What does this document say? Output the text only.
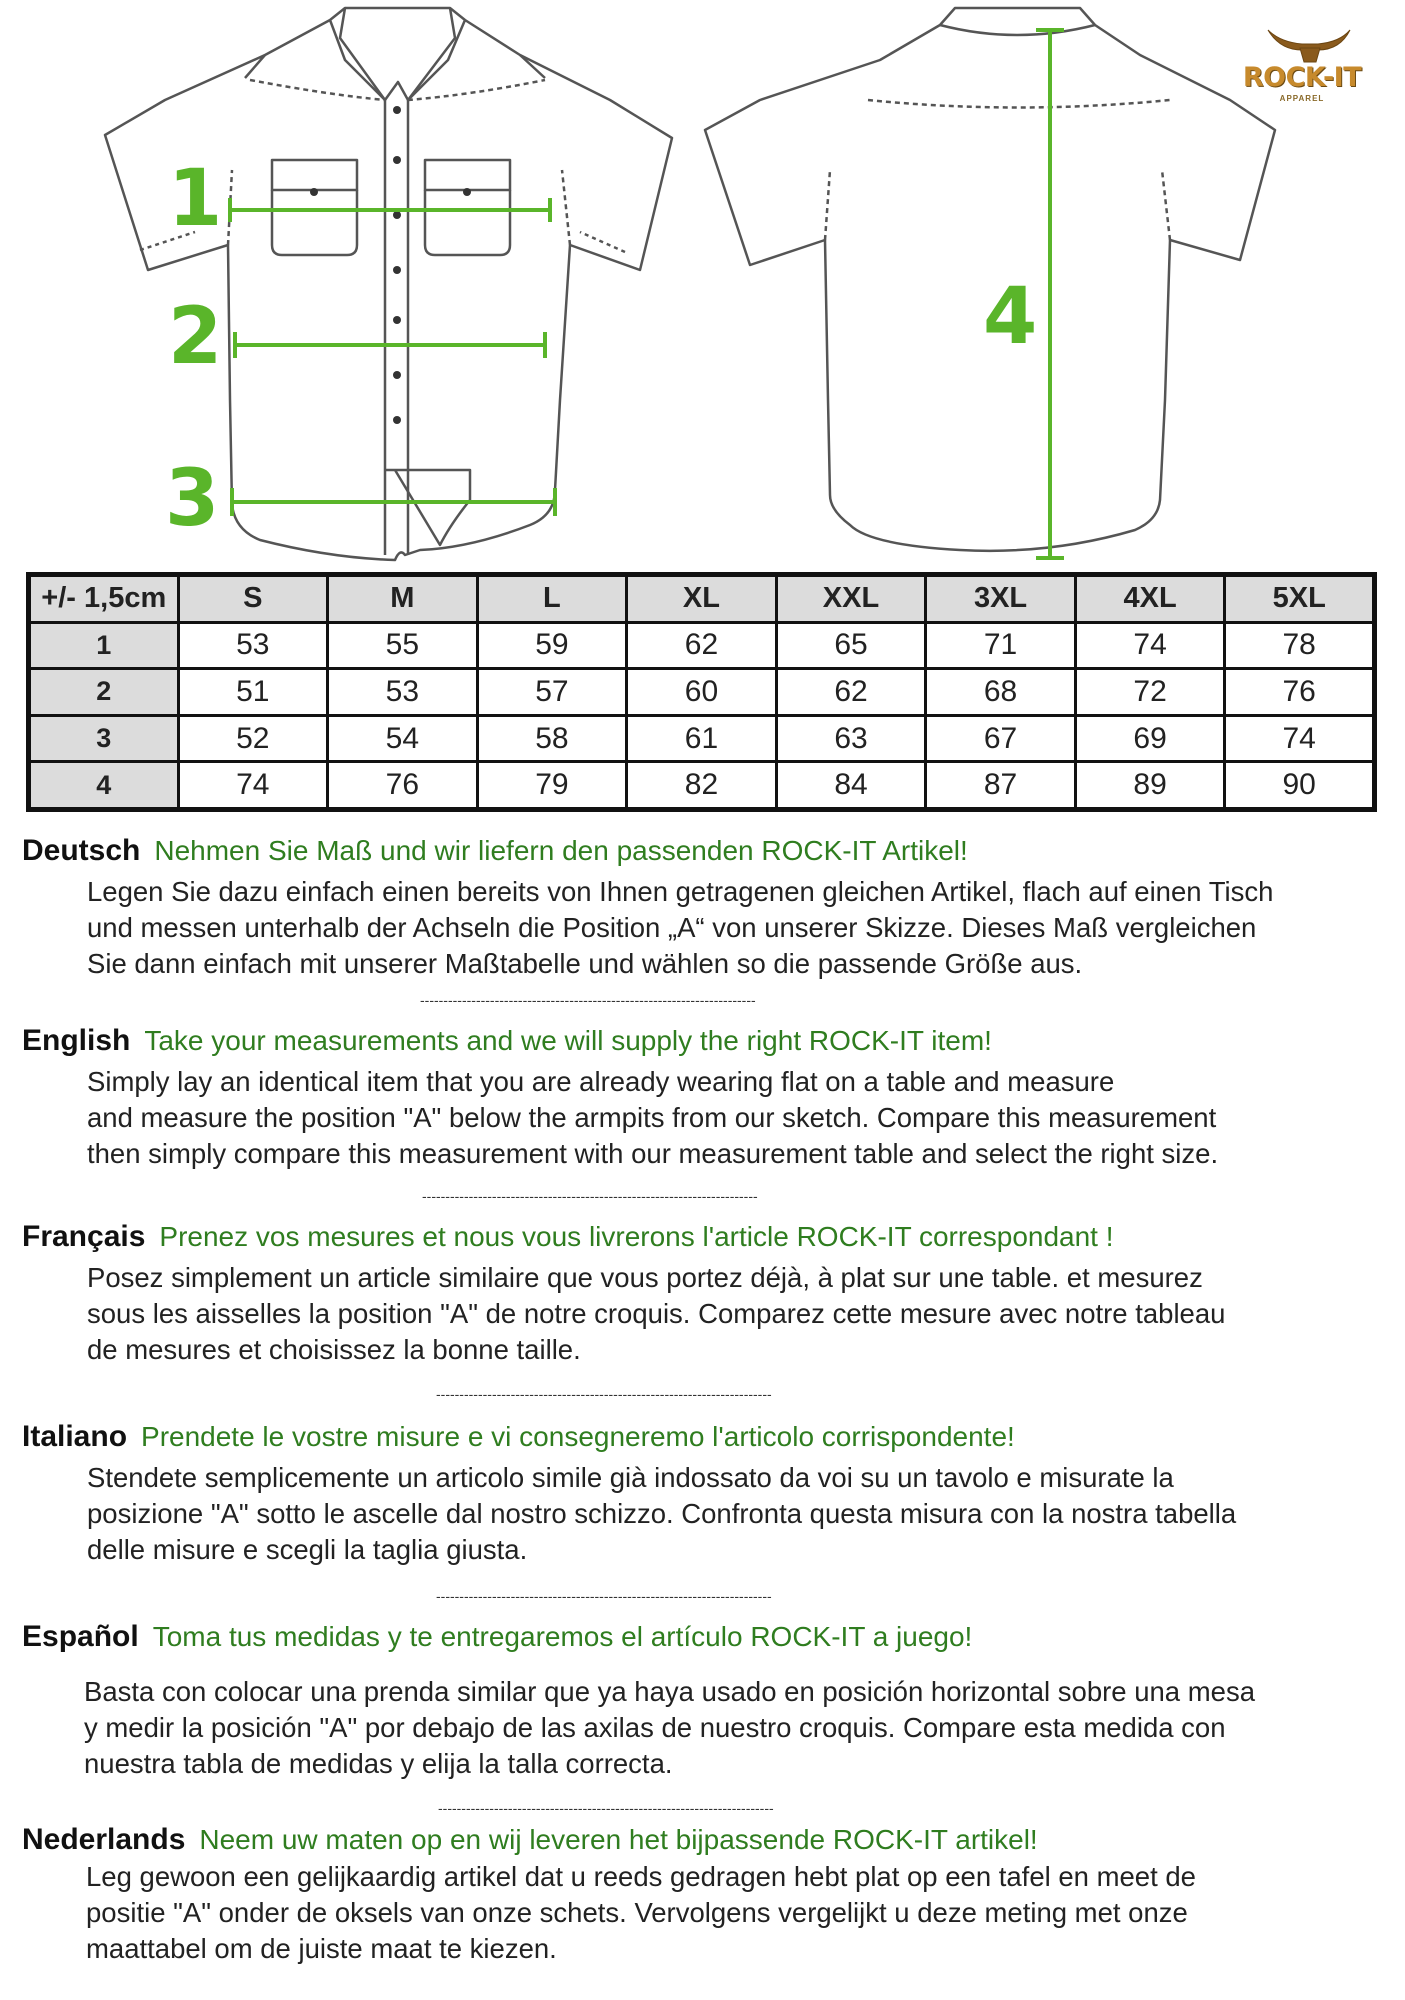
ROCK-IT
APPAREL
1
2
3
4
+/- 1,5cm	S	M	L	XL	XXL	3XL	4XL	5XL
1	53	55	59	62	65	71	74	78
2	51	53	57	60	62	68	72	76
3	52	54	58	61	63	67	69	74
4	74	76	79	82	84	87	89	90
Deutsch Nehmen Sie Maß und wir liefern den passenden ROCK-IT Artikel!
Legen Sie dazu einfach einen bereits von Ihnen getragenen gleichen Artikel, flach auf einen Tisch
und messen unterhalb der Achseln die Position „A“ von unserer Skizze. Dieses Maß vergleichen
Sie dann einfach mit unserer Maßtabelle und wählen so die passende Größe aus.
------------------------------------------------------------------------
English Take your measurements and we will supply the right ROCK-IT item!
Simply lay an identical item that you are already wearing flat on a table and measure
and measure the position "A" below the armpits from our sketch. Compare this measurement
then simply compare this measurement with our measurement table and select the right size.
------------------------------------------------------------------------
Français Prenez vos mesures et nous vous livrerons l'article ROCK-IT correspondant !
Posez simplement un article similaire que vous portez déjà, à plat sur une table. et mesurez
sous les aisselles la position "A" de notre croquis. Comparez cette mesure avec notre tableau
de mesures et choisissez la bonne taille.
------------------------------------------------------------------------
Italiano Prendete le vostre misure e vi consegneremo l'articolo corrispondente!
Stendete semplicemente un articolo simile già indossato da voi su un tavolo e misurate la
posizione "A" sotto le ascelle dal nostro schizzo. Confronta questa misura con la nostra tabella
delle misure e scegli la taglia giusta.
------------------------------------------------------------------------
Español Toma tus medidas y te entregaremos el artículo ROCK-IT a juego!
Basta con colocar una prenda similar que ya haya usado en posición horizontal sobre una mesa
y medir la posición "A" por debajo de las axilas de nuestro croquis. Compare esta medida con
nuestra tabla de medidas y elija la talla correcta.
------------------------------------------------------------------------
Nederlands Neem uw maten op en wij leveren het bijpassende ROCK-IT artikel!
Leg gewoon een gelijkaardig artikel dat u reeds gedragen hebt plat op een tafel en meet de
positie "A" onder de oksels van onze schets. Vervolgens vergelijkt u deze meting met onze
maattabel om de juiste maat te kiezen.
